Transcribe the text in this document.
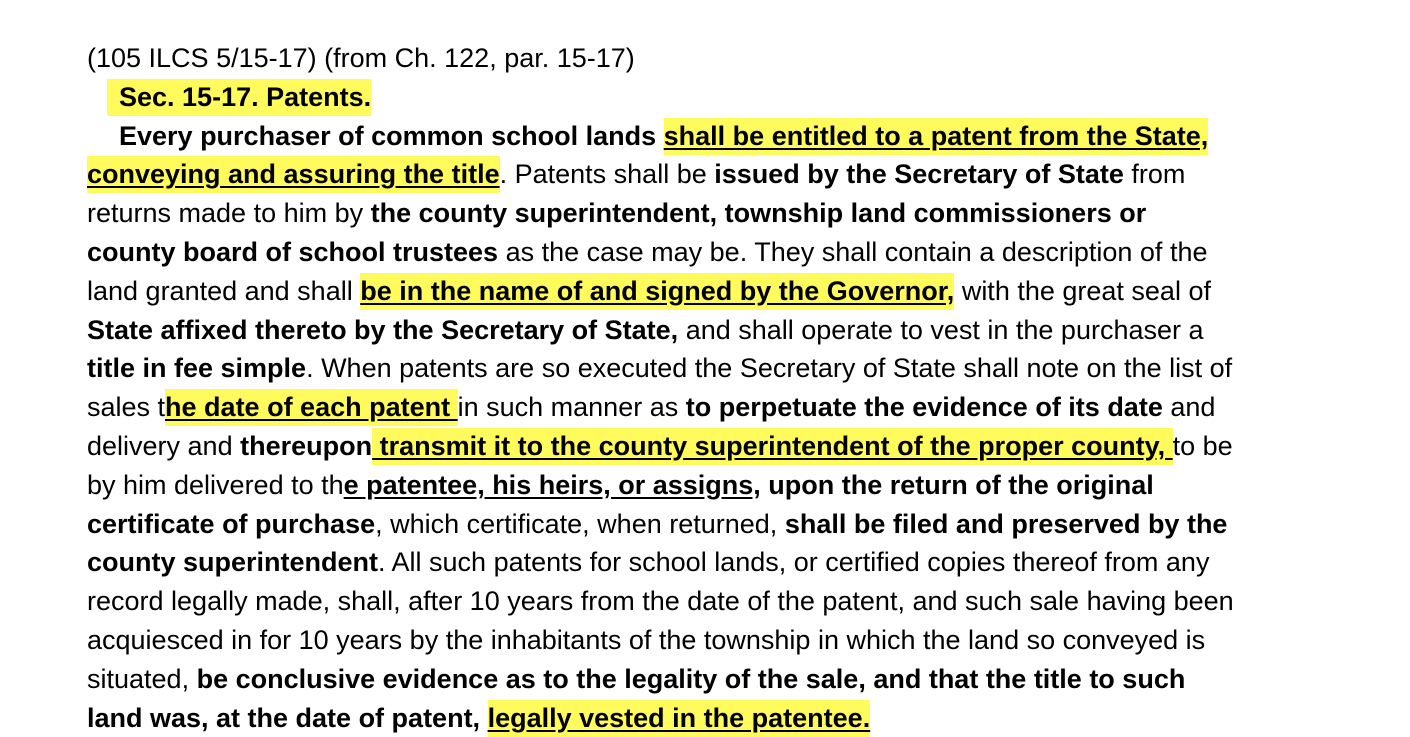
(105 ILCS 5/15-17) (from Ch. 122, par. 15-17)
Sec. 15-17. Patents.
Every purchaser of common school lands shall be entitled to a patent from the State,
conveying and assuring the title. Patents shall be issued by the Secretary of State from
returns made to him by the county superintendent, township land commissioners or
county board of school trustees as the case may be. They shall contain a description of the
land granted and shall be in the name of and signed by the Governor, with the great seal of
State affixed thereto by the Secretary of State, and shall operate to vest in the purchaser a
title in fee simple. When patents are so executed the Secretary of State shall note on the list of
sales the date of each patent in such manner as to perpetuate the evidence of its date and
delivery and thereupon transmit it to the county superintendent of the proper county, to be
by him delivered to the patentee, his heirs, or assigns, upon the return of the original
certificate of purchase, which certificate, when returned, shall be filed and preserved by the
county superintendent. All such patents for school lands, or certified copies thereof from any
record legally made, shall, after 10 years from the date of the patent, and such sale having been
acquiesced in for 10 years by the inhabitants of the township in which the land so conveyed is
situated, be conclusive evidence as to the legality of the sale, and that the title to such
land was, at the date of patent, legally vested in the patentee.
